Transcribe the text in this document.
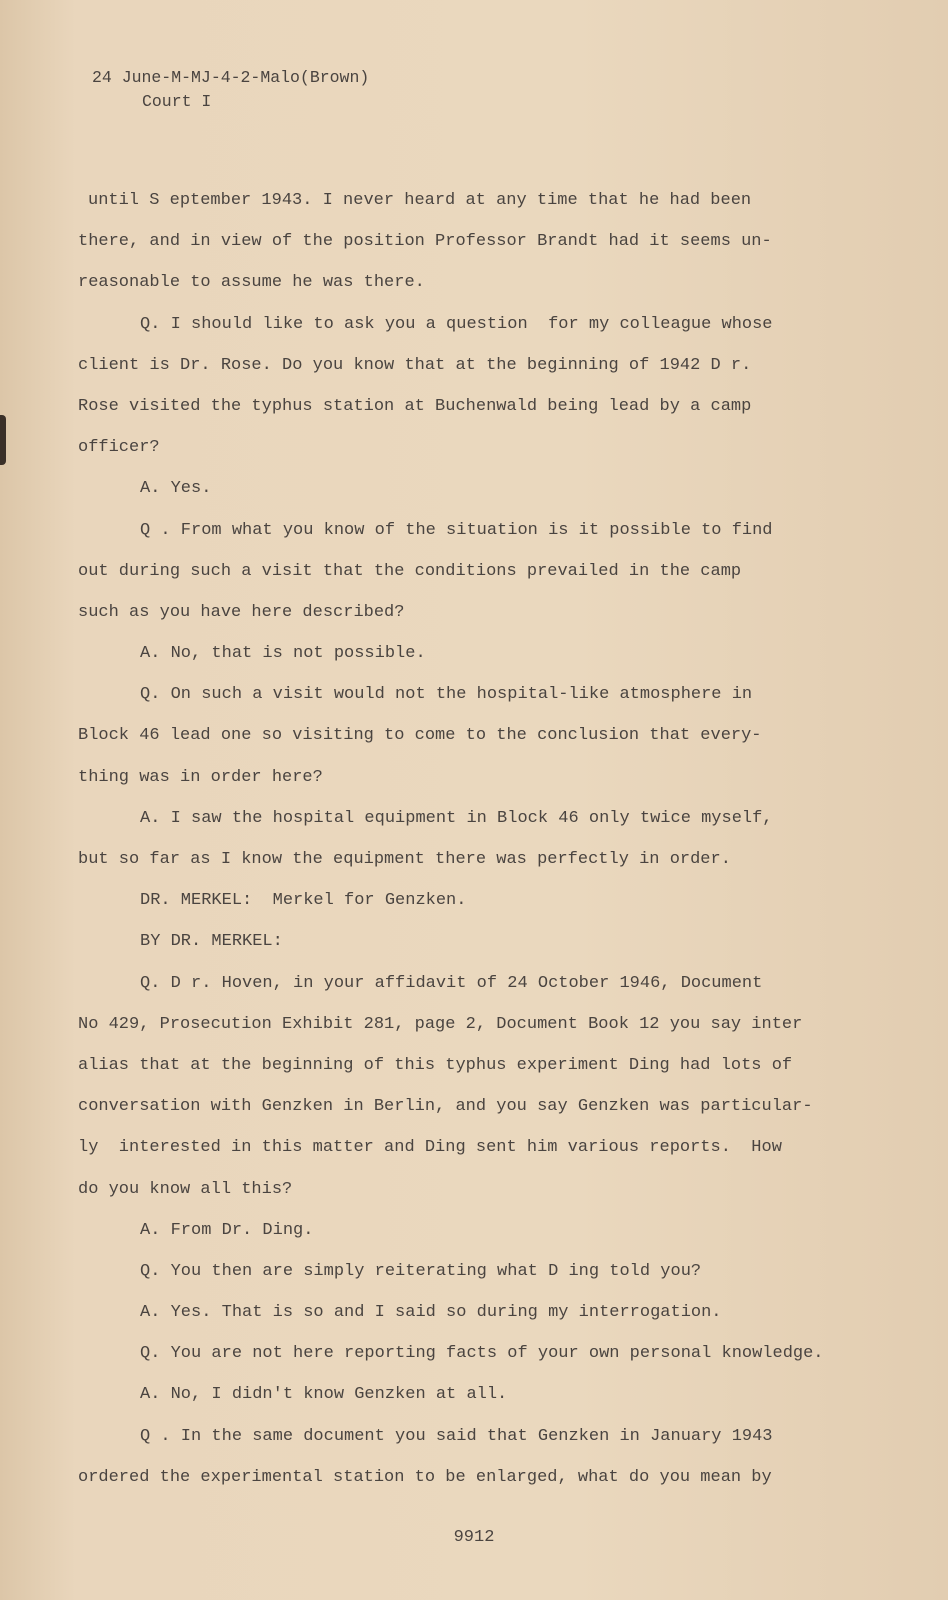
24 June-M-MJ-4-2-Malo(Brown)
Court I
until S eptember 1943. I never heard at any time that he had been
there, and in view of the position Professor Brandt had it seems un-
reasonable to assume he was there.
Q. I should like to ask you a question  for my colleague whose
client is Dr. Rose. Do you know that at the beginning of 1942 D r.
Rose visited the typhus station at Buchenwald being lead by a camp
officer?
A. Yes.
Q . From what you know of the situation is it possible to find
out during such a visit that the conditions prevailed in the camp
such as you have here described?
A. No, that is not possible.
Q. On such a visit would not the hospital-like atmosphere in
Block 46 lead one so visiting to come to the conclusion that every-
thing was in order here?
A. I saw the hospital equipment in Block 46 only twice myself,
but so far as I know the equipment there was perfectly in order.
DR. MERKEL:  Merkel for Genzken.
BY DR. MERKEL:
Q. D r. Hoven, in your affidavit of 24 October 1946, Document
No 429, Prosecution Exhibit 281, page 2, Document Book 12 you say inter
alias that at the beginning of this typhus experiment Ding had lots of
conversation with Genzken in Berlin, and you say Genzken was particular-
ly  interested in this matter and Ding sent him various reports.  How
do you know all this?
A. From Dr. Ding.
Q. You then are simply reiterating what D ing told you?
A. Yes. That is so and I said so during my interrogation.
Q. You are not here reporting facts of your own personal knowledge.
A. No, I didn't know Genzken at all.
Q . In the same document you said that Genzken in January 1943
ordered the experimental station to be enlarged, what do you mean by
9912
